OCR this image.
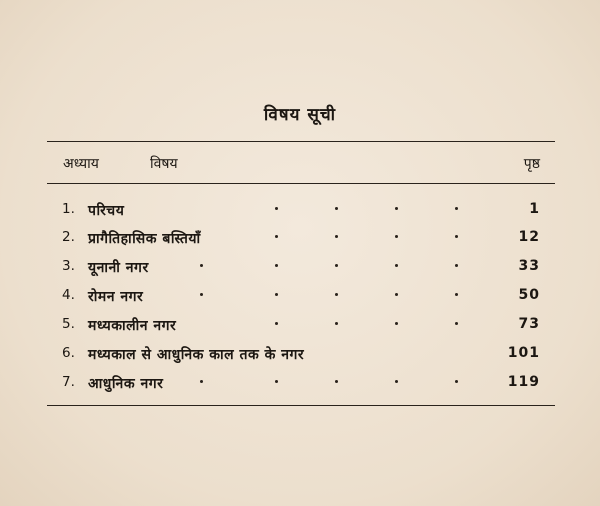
विषय सूची
अध्याय	विषय	पृष्ठ
1. परिचय	1
2. प्रागैतिहासिक बस्तियाँ	12
3. यूनानी नगर	33
4. रोमन नगर	50
5. मध्यकालीन नगर	73
6. मध्यकाल से आधुनिक काल तक के नगर	101
7. आधुनिक नगर	119
